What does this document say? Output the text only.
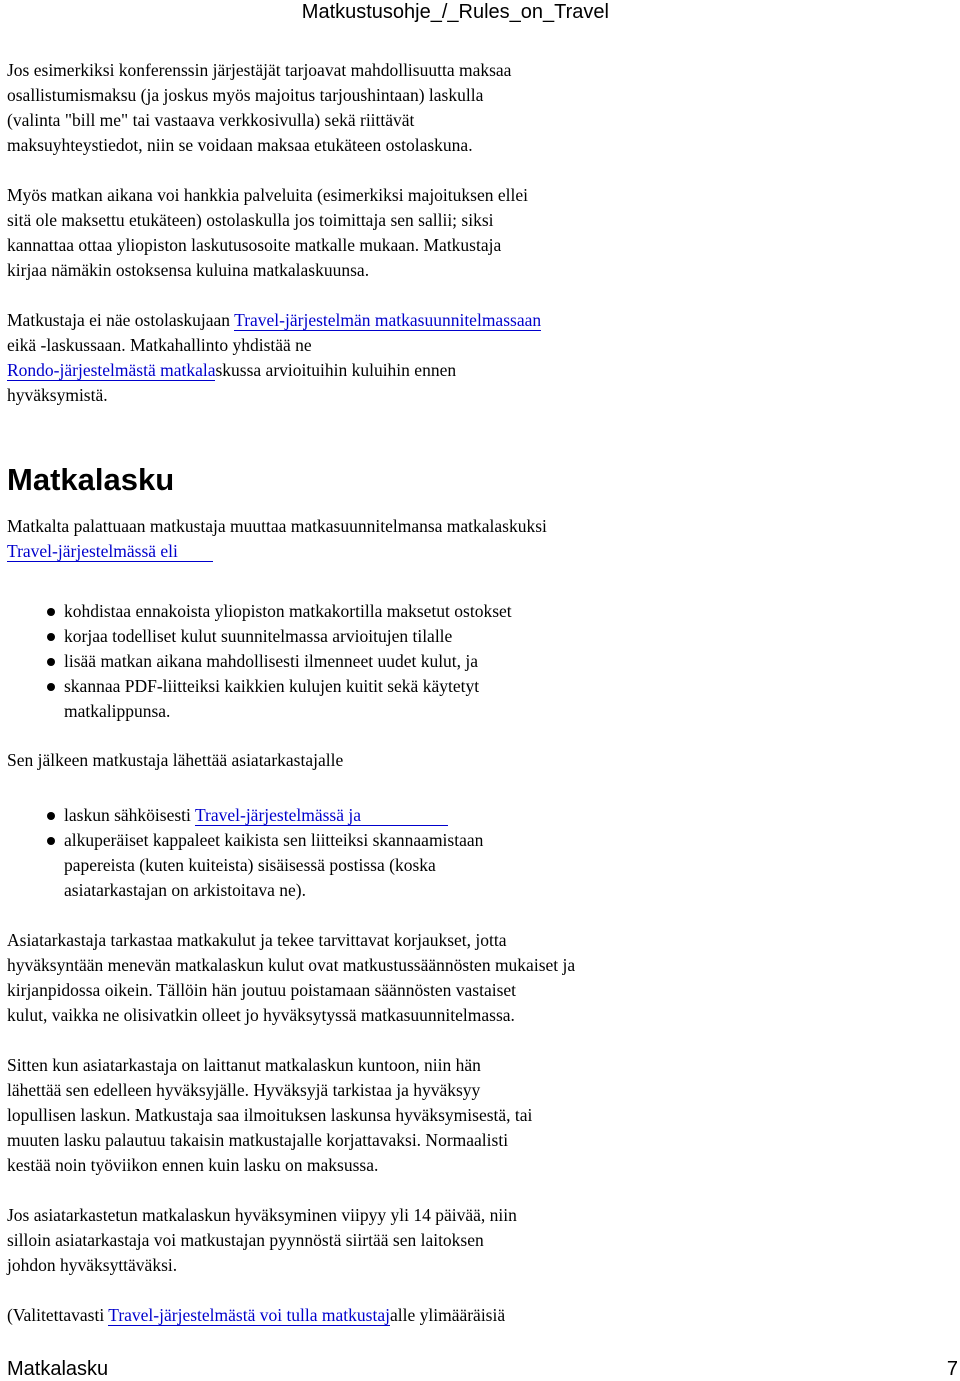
Matkustusohje_/_Rules_on_Travel

Jos esimerkiksi konferenssin järjestäjät tarjoavat mahdollisuutta maksaa
osallistumismaksu (ja joskus myös majoitus tarjoushintaan) laskulla
(valinta "bill me" tai vastaava verkkosivulla) sekä riittävät
maksuyhteystiedot, niin se voidaan maksaa etukäteen ostolaskuna.

Myös matkan aikana voi hankkia palveluita (esimerkiksi majoituksen ellei
sitä ole maksettu etukäteen) ostolaskulla jos toimittaja sen sallii; siksi
kannattaa ottaa yliopiston laskutusosoite matkalle mukaan. Matkustaja
kirjaa nämäkin ostoksensa kuluina matkalaskuunsa.

Matkustaja ei näe ostolaskujaan Travel-järjestelmän matkasuunnitelmassaan
eikä -laskussaan. Matkahallinto yhdistää ne
Rondo-järjestelmästä matkalaskussa arvioituihin kuluihin ennen
hyväksymistä.

Matkalasku

Matkalta palattuaan matkustaja muuttaa matkasuunnitelmansa matkalaskuksi
Travel-järjestelmässä eli

kohdistaa ennakoista yliopiston matkakortilla maksetut ostokset
korjaa todelliset kulut suunnitelmassa arvioitujen tilalle
lisää matkan aikana mahdollisesti ilmenneet uudet kulut, ja
skannaa PDF-liitteiksi kaikkien kulujen kuitit sekä käytetyt
matkalippunsa.

Sen jälkeen matkustaja lähettää asiatarkastajalle

laskun sähköisesti Travel-järjestelmässä ja
alkuperäiset kappaleet kaikista sen liitteiksi skannaamistaan
papereista (kuten kuiteista) sisäisessä postissa (koska
asiatarkastajan on arkistoitava ne).

Asiatarkastaja tarkastaa matkakulut ja tekee tarvittavat korjaukset, jotta
hyväksyntään menevän matkalaskun kulut ovat matkustussäännösten mukaiset ja
kirjanpidossa oikein. Tällöin hän joutuu poistamaan säännösten vastaiset
kulut, vaikka ne olisivatkin olleet jo hyväksytyssä matkasuunnitelmassa.

Sitten kun asiatarkastaja on laittanut matkalaskun kuntoon, niin hän
lähettää sen edelleen hyväksyjälle. Hyväksyjä tarkistaa ja hyväksyy
lopullisen laskun. Matkustaja saa ilmoituksen laskunsa hyväksymisestä, tai
muuten lasku palautuu takaisin matkustajalle korjattavaksi. Normaalisti
kestää noin työviikon ennen kuin lasku on maksussa.

Jos asiatarkastetun matkalaskun hyväksyminen viipyy yli 14 päivää, niin
silloin asiatarkastaja voi matkustajan pyynnöstä siirtää sen laitoksen
johdon hyväksyttäväksi.

(Valitettavasti Travel-järjestelmästä voi tulla matkustajalle ylimääräisiä

Matkalasku	7
